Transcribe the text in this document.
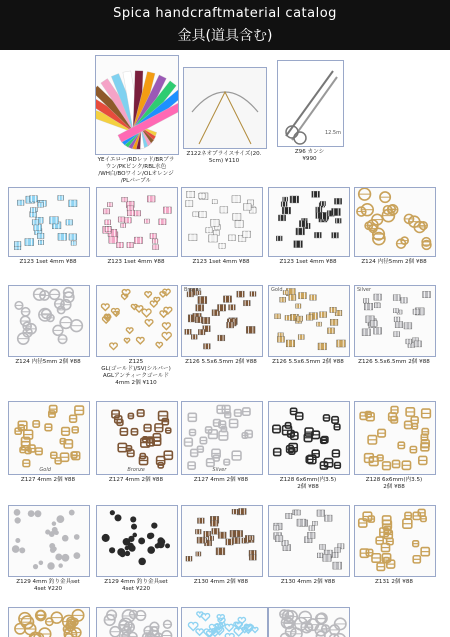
Spica handcraftmaterial catalog
金具(道具含む)
YEイエロー/RDレッド/BRブラ
ウン/PKピンク/RBL水色
/WH白/BOワイン/OLオレンジ
/PLパープル
Z122ネオプライスサイズ(20.
5cm) ¥110
12.5m
Z96 カンシ
¥990
Z123 1set 4mm ¥88	Z123 1set 4mm ¥88	Z123 1set 4mm ¥88	Z123 1set 4mm ¥88	Z124 内径5mm 2個 ¥88
Z124 内径5mm 2個 ¥88	Z125
GL(ゴールド)/SV(シルバー)
AGLアンティークゴールド
4mm 2個 ¥110
Bronze
Z126 5.5x6.5mm 2個 ¥88
Gold
Z126 5.5x6.5mm 2個 ¥88
Silver
Z126 5.5x6.5mm 2個 ¥88
Gold
Z127 4mm 2個 ¥88
Bronze
Z127 4mm 2個 ¥88
Silver
Z127 4mm 2個 ¥88	Z128 6x6mm(内3.5)
2個 ¥88
Z128 6x6mm(内3.5)
2個 ¥88
Z129 4mm 釣り金具set
4set ¥220
Z129 4mm 釣り金具set
4set ¥220
Z130 4mm 2個 ¥88	Z130 4mm 2個 ¥88	Z131 2個 ¥88
